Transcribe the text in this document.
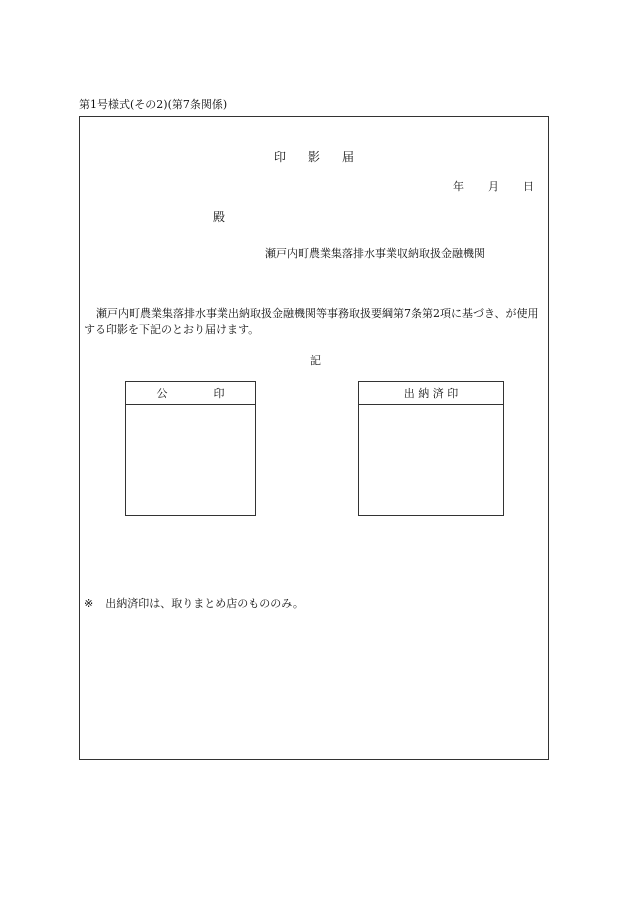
第1号様式(その2)(第7条関係)
印 影 届
年 月 日
殿
瀬戸内町農業集落排水事業収納取扱金融機関
瀬戸内町農業集落排水事業出納取扱金融機関等事務取扱要綱第7条第2項に基づき、が使用する印影を下記のとおり届けます。
記
公	印	出 納 済 印
※ 出納済印は、取りまとめ店のもののみ。
